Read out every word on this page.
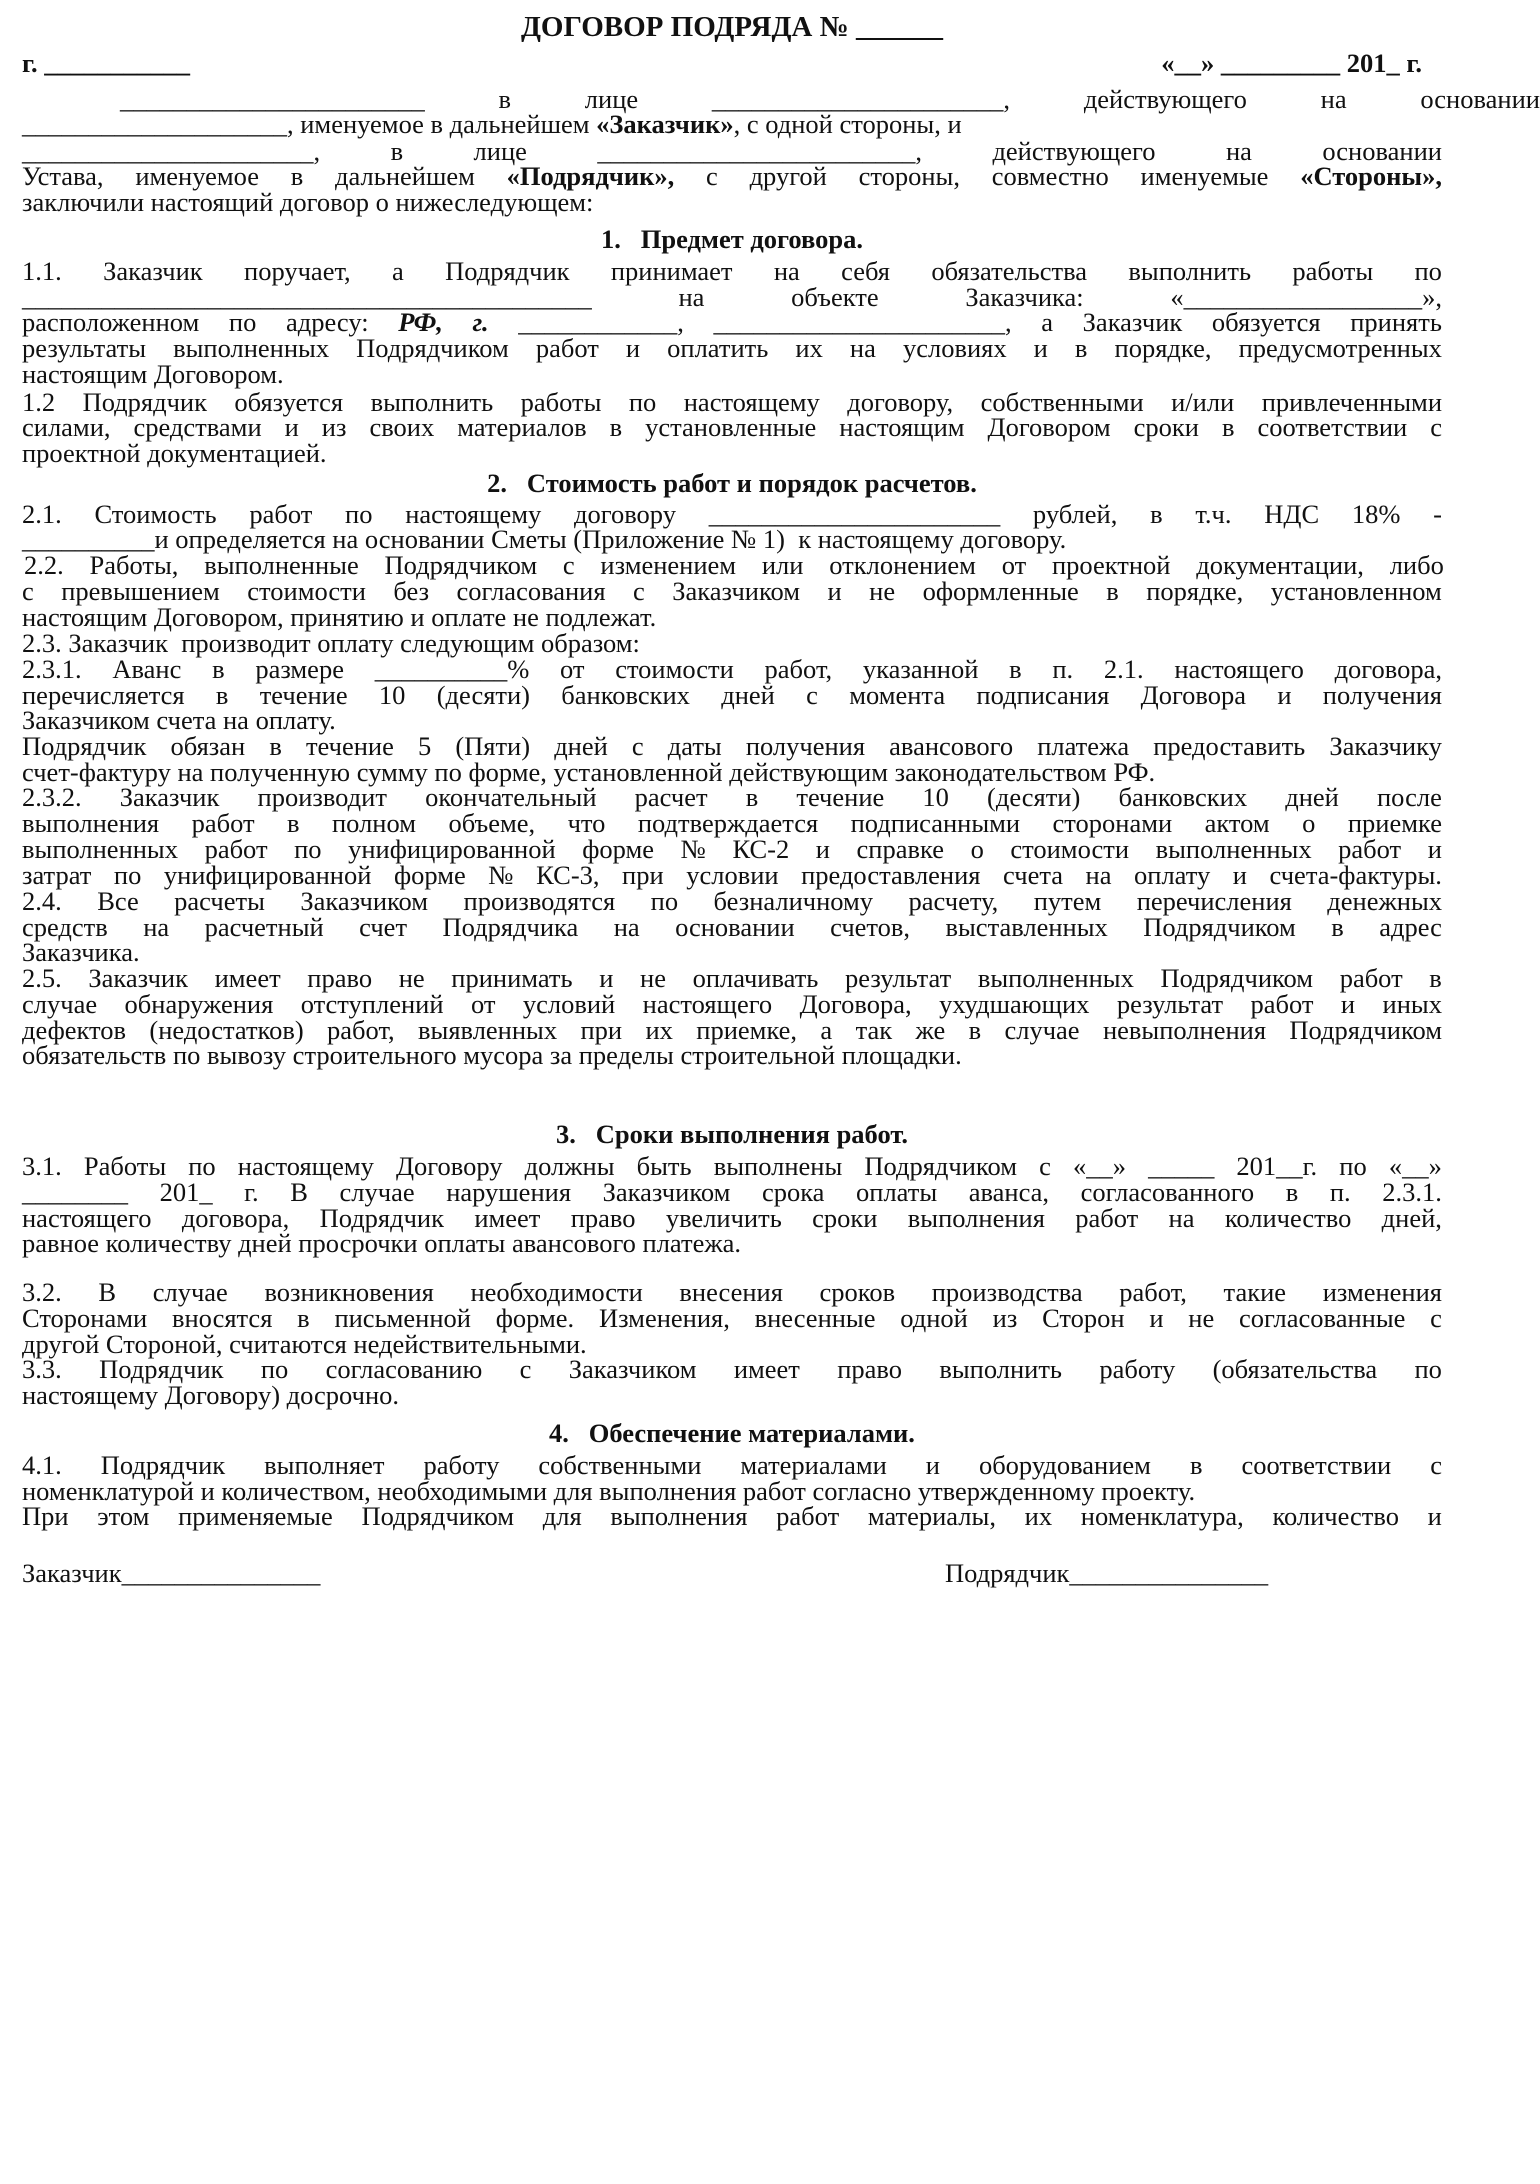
ДОГОВОР ПОДРЯДА № ______
г. ___________	«__» _________ 201_ г.
_______________________	в	лице	______________________,	действующего	на	основании
____________________, именуемое в дальнейшем «Заказчик», с одной стороны, и
______________________,	в	лице	________________________,	действующего	на	основании
Устава, именуемое в дальнейшем «Подрядчик», с другой стороны, совместно именуемые «Стороны»,
заключили настоящий договор о нижеследующем:
1.   Предмет договора.
1.1. Заказчик поручает, а Подрядчик принимает на себя обязательства выполнить работы по
___________________________________________	на	объекте	Заказчика:	«__________________»,
расположенном по адресу: РФ, г. ____________, ______________________, а Заказчик обязуется принять
результаты выполненных Подрядчиком работ и оплатить их на условиях и в порядке, предусмотренных
настоящим Договором.
1.2 Подрядчик обязуется выполнить работы по настоящему договору, собственными и/или привлеченными
силами, средствами и из своих материалов в установленные настоящим Договором сроки в соответствии с
проектной документацией.
2.   Стоимость работ и порядок расчетов.
2.1. Стоимость работ по настоящему договору ______________________ рублей, в т.ч. НДС 18% -
__________и определяется на основании Сметы (Приложение № 1)  к настоящему договору.
2.2. Работы, выполненные Подрядчиком с изменением или отклонением от проектной документации, либо
с превышением стоимости без согласования с Заказчиком и не оформленные в порядке, установленном
настоящим Договором, принятию и оплате не подлежат.
2.3. Заказчик  производит оплату следующим образом:
2.3.1. Аванс в размере __________% от стоимости работ, указанной в п. 2.1. настоящего договора,
перечисляется в течение 10 (десяти) банковских дней с момента подписания Договора и получения
Заказчиком счета на оплату.
Подрядчик обязан в течение 5 (Пяти) дней с даты получения авансового платежа предоставить Заказчику
счет-фактуру на полученную сумму по форме, установленной действующим законодательством РФ.
2.3.2. Заказчик производит окончательный расчет в течение 10 (десяти) банковских дней после
выполнения работ в полном объеме, что подтверждается подписанными сторонами актом о приемке
выполненных работ по унифицированной форме № КС-2 и справке о стоимости выполненных работ и
затрат по унифицированной форме № КС-3, при условии предоставления счета на оплату и счета-фактуры.
2.4. Все расчеты Заказчиком производятся по безналичному расчету, путем перечисления денежных
средств на расчетный счет Подрядчика на основании счетов, выставленных Подрядчиком в адрес
Заказчика.
2.5. Заказчик имеет право не принимать и не оплачивать результат выполненных Подрядчиком работ в
случае обнаружения отступлений от условий настоящего Договора, ухудшающих результат работ и иных
дефектов (недостатков) работ, выявленных при их приемке, а так же в случае невыполнения Подрядчиком
обязательств по вывозу строительного мусора за пределы строительной площадки.
3.   Сроки выполнения работ.
3.1. Работы по настоящему Договору должны быть выполнены Подрядчиком с «__» _____ 201__г. по «__»
________ 201_ г. В случае нарушения Заказчиком срока оплаты аванса, согласованного в п. 2.3.1.
настоящего договора, Подрядчик имеет право увеличить сроки выполнения работ на количество дней,
равное количеству дней просрочки оплаты авансового платежа.
3.2. В случае возникновения необходимости внесения сроков производства работ, такие изменения
Сторонами вносятся в письменной форме. Изменения, внесенные одной из Сторон и не согласованные с
другой Стороной, считаются недействительными.
3.3. Подрядчик по согласованию с Заказчиком имеет право выполнить работу (обязательства по
настоящему Договору) досрочно.
4.   Обеспечение материалами.
4.1. Подрядчик выполняет работу собственными материалами и оборудованием в соответствии с
номенклатурой и количеством, необходимыми для выполнения работ согласно утвержденному проекту.
При этом применяемые Подрядчиком для выполнения работ материалы, их номенклатура, количество и
Заказчик_______________	Подрядчик_______________
